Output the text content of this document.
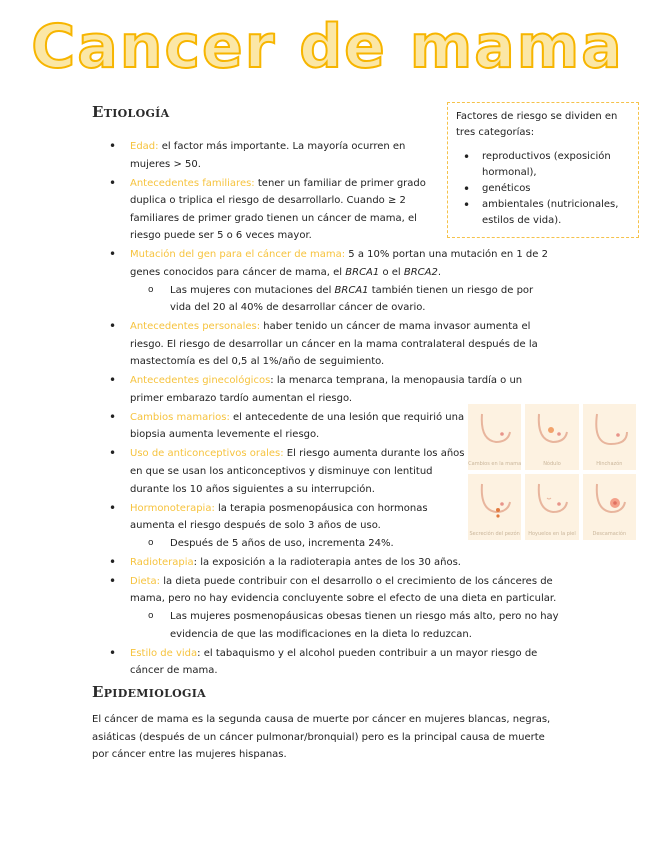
Cancer de mama
Etiología	Factores de riesgo se dividen en tres categorías:
• reproductivos (exposición hormonal),
• genéticos
• ambientales (nutricionales, estilos de vida).
• Edad: el factor más importante. La mayoría ocurren en mujeres > 50.
• Antecedentes familiares: tener un familiar de primer grado duplica o triplica el riesgo de desarrollarlo. Cuando ≥ 2 familiares de primer grado tienen un cáncer de mama, el riesgo puede ser 5 o 6 veces mayor.
• Mutación del gen para el cáncer de mama: 5 a 10% portan una mutación en 1 de 2 genes conocidos para cáncer de mama, el BRCA1 o el BRCA2.
o Las mujeres con mutaciones del BRCA1 también tienen un riesgo de por vida del 20 al 40% de desarrollar cáncer de ovario.
• Antecedentes personales: haber tenido un cáncer de mama invasor aumenta el riesgo. El riesgo de desarrollar un cáncer en la mama contralateral después de la mastectomía es del 0,5 al 1%/año de seguimiento.
• Antecedentes ginecológicos: la menarca temprana, la menopausia tardía o un primer embarazo tardío aumentan el riesgo.
• Cambios mamarios: el antecedente de una lesión que requirió una biopsia aumenta levemente el riesgo.
• Uso de anticonceptivos orales: El riesgo aumenta durante los años en que se usan los anticonceptivos y disminuye con lentitud durante los 10 años siguientes a su interrupción.
• Hormonoterapia: la terapia posmenopáusica con hormonas aumenta el riesgo después de solo 3 años de uso.
o Después de 5 años de uso, incrementa 24%.
• Radioterapia: la exposición a la radioterapia antes de los 30 años.
• Dieta: la dieta puede contribuir con el desarrollo o el crecimiento de los cánceres de mama, pero no hay evidencia concluyente sobre el efecto de una dieta en particular.
o Las mujeres posmenopáusicas obesas tienen un riesgo más alto, pero no hay evidencia de que las modificaciones en la dieta lo reduzcan.
• Estilo de vida: el tabaquismo y el alcohol pueden contribuir a un mayor riesgo de cáncer de mama.
Cambios en la mama	Nódulo	Hinchazón
Secreción del pezón	Hoyuelos en la piel	Descamación
Epidemiologia

El cáncer de mama es la segunda causa de muerte por cáncer en mujeres blancas, negras, asiáticas (después de un cáncer pulmonar/bronquial) pero es la principal causa de muerte por cáncer entre las mujeres hispanas.
